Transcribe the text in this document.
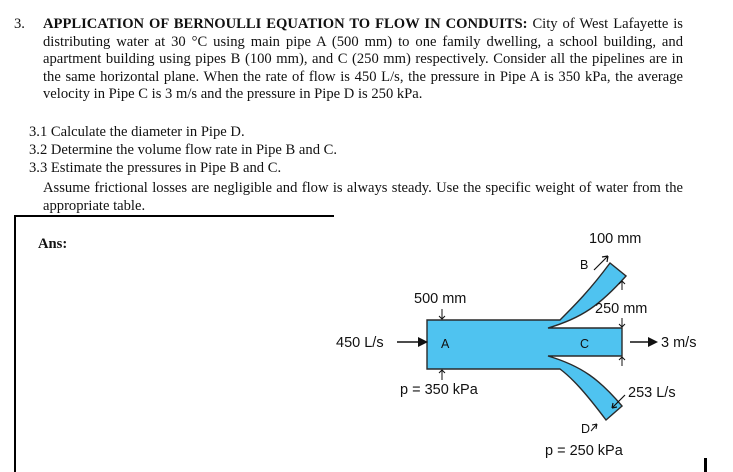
3. APPLICATION OF BERNOULLI EQUATION TO FLOW IN CONDUITS: City of West Lafayette is distributing water at 30 °C using main pipe A (500 mm) to one family dwelling, a school building, and apartment building using pipes B (100 mm), and C (250 mm) respectively. Consider all the pipelines are in the same horizontal plane. When the rate of flow is 450 L/s, the pressure in Pipe A is 350 kPa, the average velocity in Pipe C is 3 m/s and the pressure in Pipe D is 250 kPa.
3.1 Calculate the diameter in Pipe D.
3.2 Determine the volume flow rate in Pipe B and C.
3.3 Estimate the pressures in Pipe B and C.
Assume frictional losses are negligible and flow is always steady. Use the specific weight of water from the appropriate table.
Ans:	100 mm
B
500 mm
250 mm
450 L/s	A	C	3 m/s
p = 350 kPa	253 L/s
D
p = 250 kPa
